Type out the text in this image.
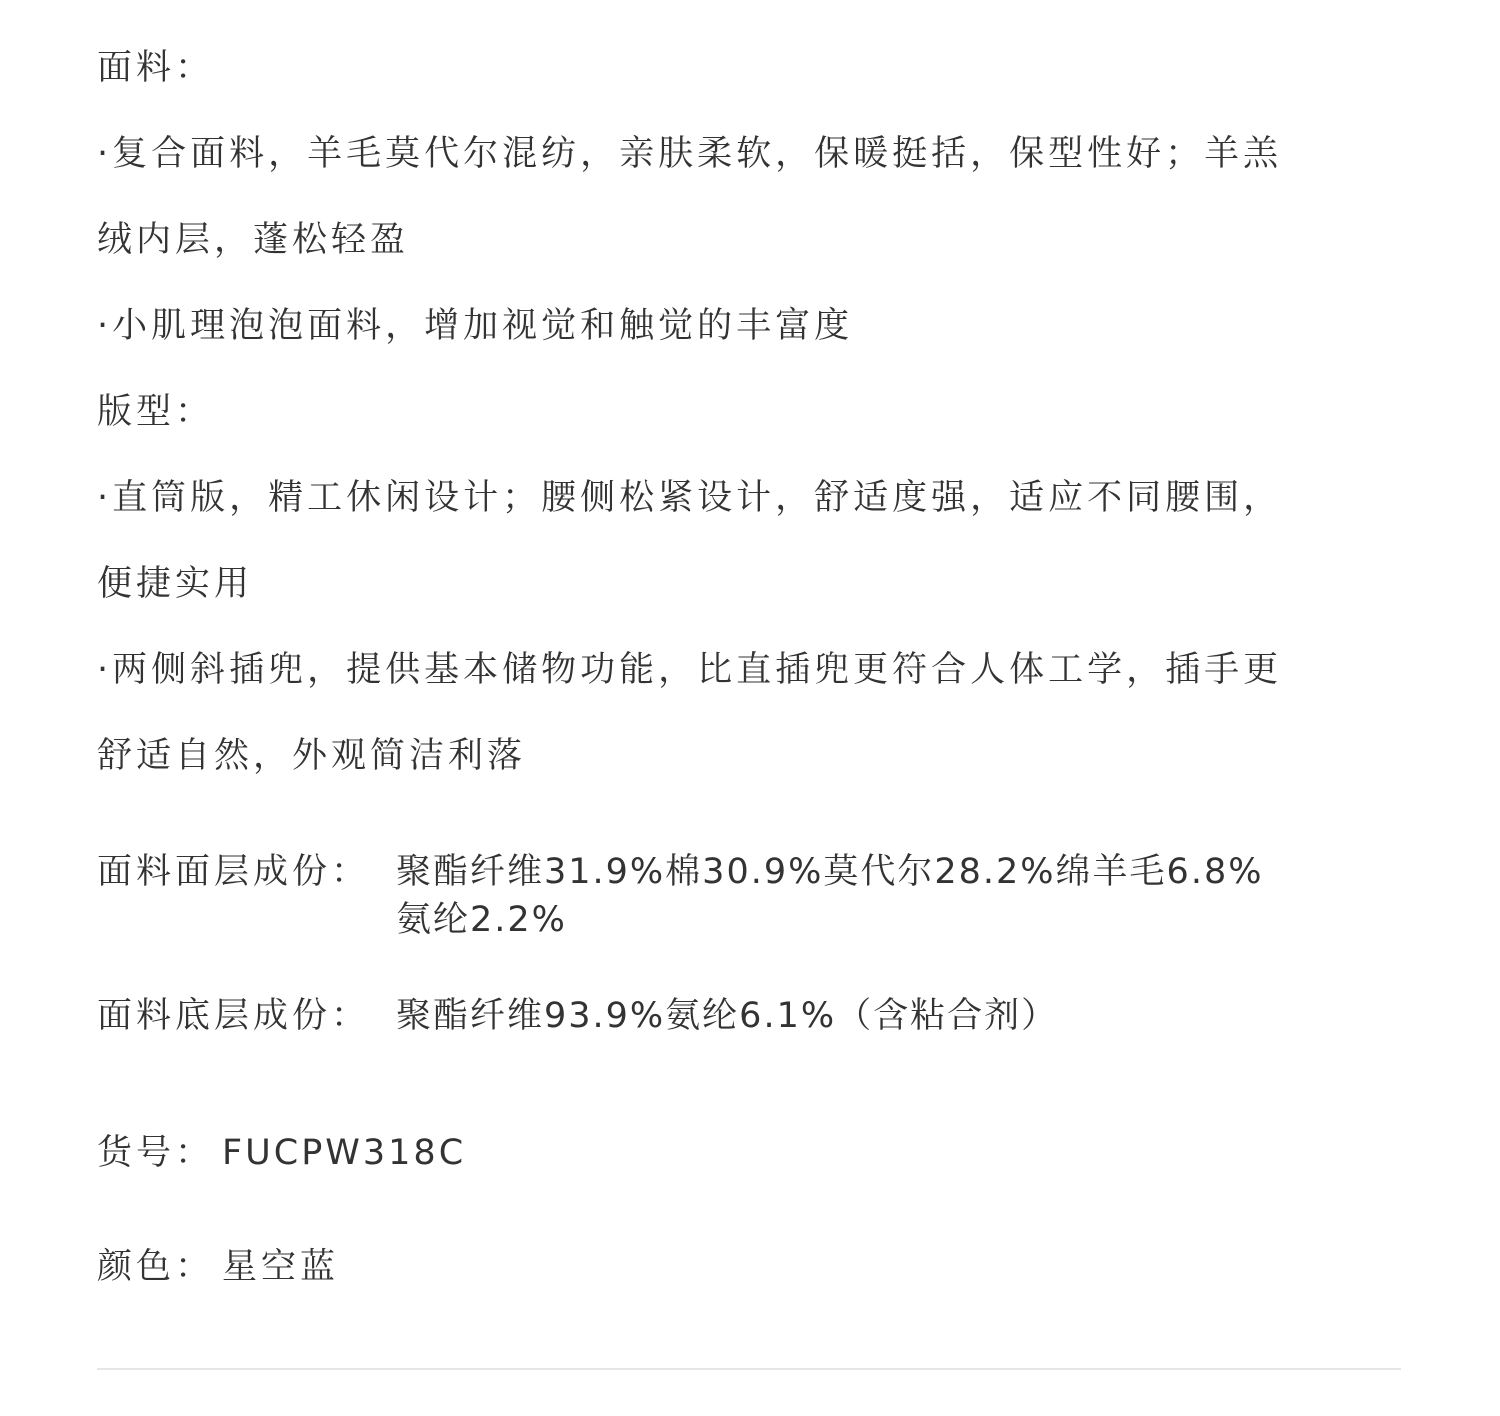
面料：
·复合面料，羊毛莫代尔混纺，亲肤柔软，保暖挺括，保型性好；羊羔
绒内层，蓬松轻盈
·小肌理泡泡面料，增加视觉和触觉的丰富度
版型：
·直筒版，精工休闲设计；腰侧松紧设计，舒适度强，适应不同腰围，
便捷实用
·两侧斜插兜，提供基本储物功能，比直插兜更符合人体工学，插手更
舒适自然，外观简洁利落
面料面层成份： 聚酯纤维31.9%棉30.9%莫代尔28.2%绵羊毛6.8%
氨纶2.2%
面料底层成份： 聚酯纤维93.9%氨纶6.1%（含粘合剂）
货号： FUCPW318C
颜色： 星空蓝
